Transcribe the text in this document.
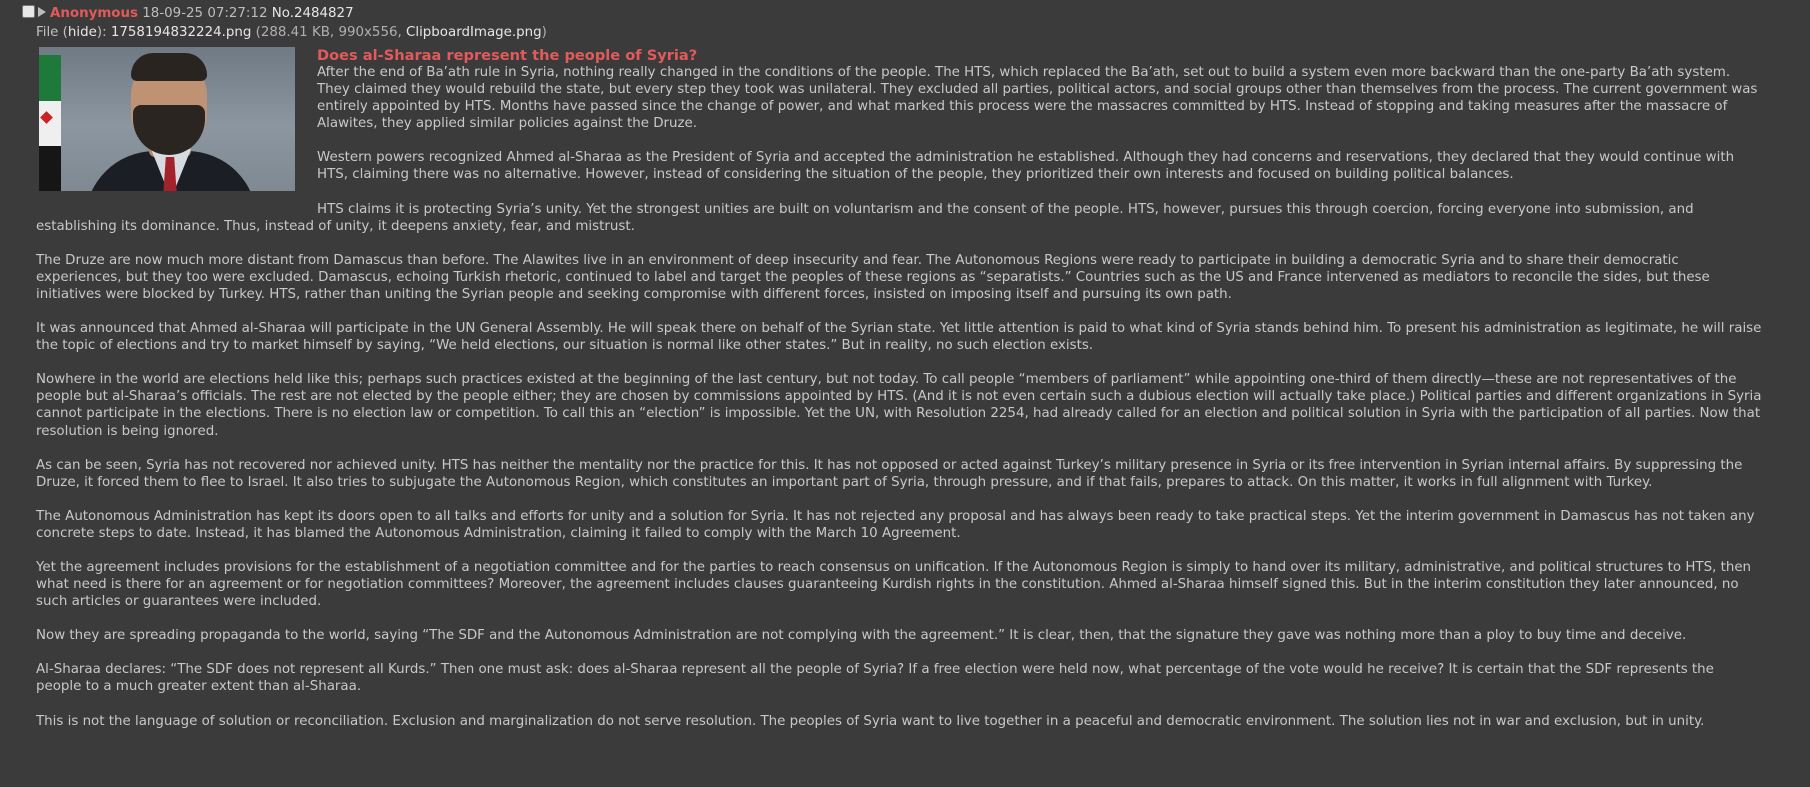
Anonymous 18-09-25 07:27:12 No.2484827
File (hide): 1758194832224.png (288.41 KB, 990x556, ClipboardImage.png)
Does al-Sharaa represent the people of Syria?

After the end of Ba’ath rule in Syria, nothing really changed in the conditions of the people. The HTS, which replaced the Ba’ath, set out to build a system even more backward than the one-party Ba’ath system. They claimed they would rebuild the state, but every step they took was unilateral. They excluded all parties, political actors, and social groups other than themselves from the process. The current government was entirely appointed by HTS. Months have passed since the change of power, and what marked this process were the massacres committed by HTS. Instead of stopping and taking measures after the massacre of Alawites, they applied similar policies against the Druze.

Western powers recognized Ahmed al-Sharaa as the President of Syria and accepted the administration he established. Although they had concerns and reservations, they declared that they would continue with HTS, claiming there was no alternative. However, instead of considering the situation of the people, they prioritized their own interests and focused on building political balances.

HTS claims it is protecting Syria’s unity. Yet the strongest unities are built on voluntarism and the consent of the people. HTS, however, pursues this through coercion, forcing everyone into submission, and establishing its dominance. Thus, instead of unity, it deepens anxiety, fear, and mistrust.

The Druze are now much more distant from Damascus than before. The Alawites live in an environment of deep insecurity and fear. The Autonomous Regions were ready to participate in building a democratic Syria and to share their democratic experiences, but they too were excluded. Damascus, echoing Turkish rhetoric, continued to label and target the peoples of these regions as “separatists.” Countries such as the US and France intervened as mediators to reconcile the sides, but these initiatives were blocked by Turkey. HTS, rather than uniting the Syrian people and seeking compromise with different forces, insisted on imposing itself and pursuing its own path.

It was announced that Ahmed al-Sharaa will participate in the UN General Assembly. He will speak there on behalf of the Syrian state. Yet little attention is paid to what kind of Syria stands behind him. To present his administration as legitimate, he will raise the topic of elections and try to market himself by saying, “We held elections, our situation is normal like other states.” But in reality, no such election exists.

Nowhere in the world are elections held like this; perhaps such practices existed at the beginning of the last century, but not today. To call people “members of parliament” while appointing one-third of them directly—these are not representatives of the people but al-Sharaa’s officials. The rest are not elected by the people either; they are chosen by commissions appointed by HTS. (And it is not even certain such a dubious election will actually take place.) Political parties and different organizations in Syria cannot participate in the elections. There is no election law or competition. To call this an “election” is impossible. Yet the UN, with Resolution 2254, had already called for an election and political solution in Syria with the participation of all parties. Now that resolution is being ignored.

As can be seen, Syria has not recovered nor achieved unity. HTS has neither the mentality nor the practice for this. It has not opposed or acted against Turkey’s military presence in Syria or its free intervention in Syrian internal affairs. By suppressing the Druze, it forced them to flee to Israel. It also tries to subjugate the Autonomous Region, which constitutes an important part of Syria, through pressure, and if that fails, prepares to attack. On this matter, it works in full alignment with Turkey.

The Autonomous Administration has kept its doors open to all talks and efforts for unity and a solution for Syria. It has not rejected any proposal and has always been ready to take practical steps. Yet the interim government in Damascus has not taken any concrete steps to date. Instead, it has blamed the Autonomous Administration, claiming it failed to comply with the March 10 Agreement.

Yet the agreement includes provisions for the establishment of a negotiation committee and for the parties to reach consensus on unification. If the Autonomous Region is simply to hand over its military, administrative, and political structures to HTS, then what need is there for an agreement or for negotiation committees? Moreover, the agreement includes clauses guaranteeing Kurdish rights in the constitution. Ahmed al-Sharaa himself signed this. But in the interim constitution they later announced, no such articles or guarantees were included.

Now they are spreading propaganda to the world, saying “The SDF and the Autonomous Administration are not complying with the agreement.” It is clear, then, that the signature they gave was nothing more than a ploy to buy time and deceive.

Al-Sharaa declares: “The SDF does not represent all Kurds.” Then one must ask: does al-Sharaa represent all the people of Syria? If a free election were held now, what percentage of the vote would he receive? It is certain that the SDF represents the people to a much greater extent than al-Sharaa.

This is not the language of solution or reconciliation. Exclusion and marginalization do not serve resolution. The peoples of Syria want to live together in a peaceful and democratic environment. The solution lies not in war and exclusion, but in unity.
